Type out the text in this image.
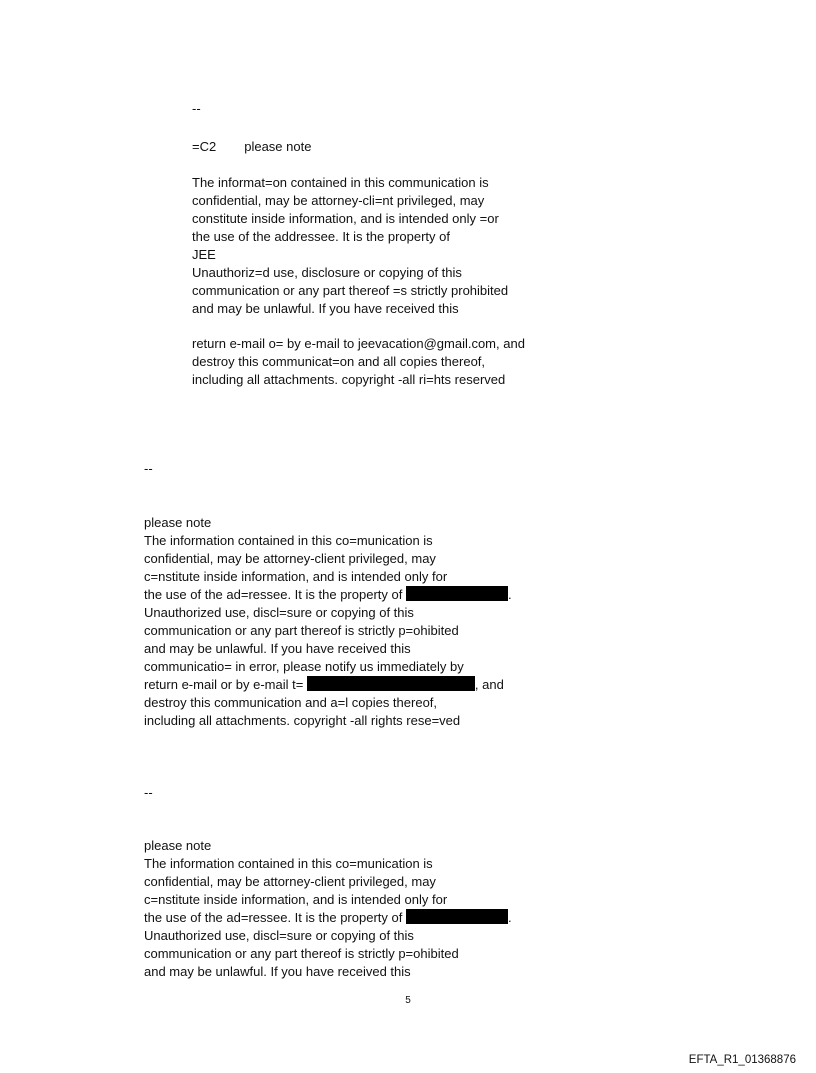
--
=C2 please note
The informat=on contained in this communication is
confidential, may be attorney-cli=nt privileged, may
constitute inside information, and is intended only =or
the use of the addressee. It is the property of
JEE
Unauthoriz=d use, disclosure or copying of this
communication or any part thereof =s strictly prohibited
and may be unlawful. If you have received this
return e-mail o= by e-mail to jeevacation@gmail.com, and
destroy this communicat=on and all copies thereof,
including all attachments. copyright -all ri=hts reserved
--
please note
The information contained in this co=munication is
confidential, may be attorney-client privileged, may
c=nstitute inside information, and is intended only for
the use of the ad=ressee. It is the property of	.
Unauthorized use, discl=sure or copying of this
communication or any part thereof is strictly p=ohibited
and may be unlawful. If you have received this
communicatio= in error, please notify us immediately by
return e-mail or by e-mail t=	, and
destroy this communication and a=l copies thereof,
including all attachments. copyright -all rights rese=ved
--
please note
The information contained in this co=munication is
confidential, may be attorney-client privileged, may
c=nstitute inside information, and is intended only for
the use of the ad=ressee. It is the property of	.
Unauthorized use, discl=sure or copying of this
communication or any part thereof is strictly p=ohibited
and may be unlawful. If you have received this
5
EFTA_R1_01368876
